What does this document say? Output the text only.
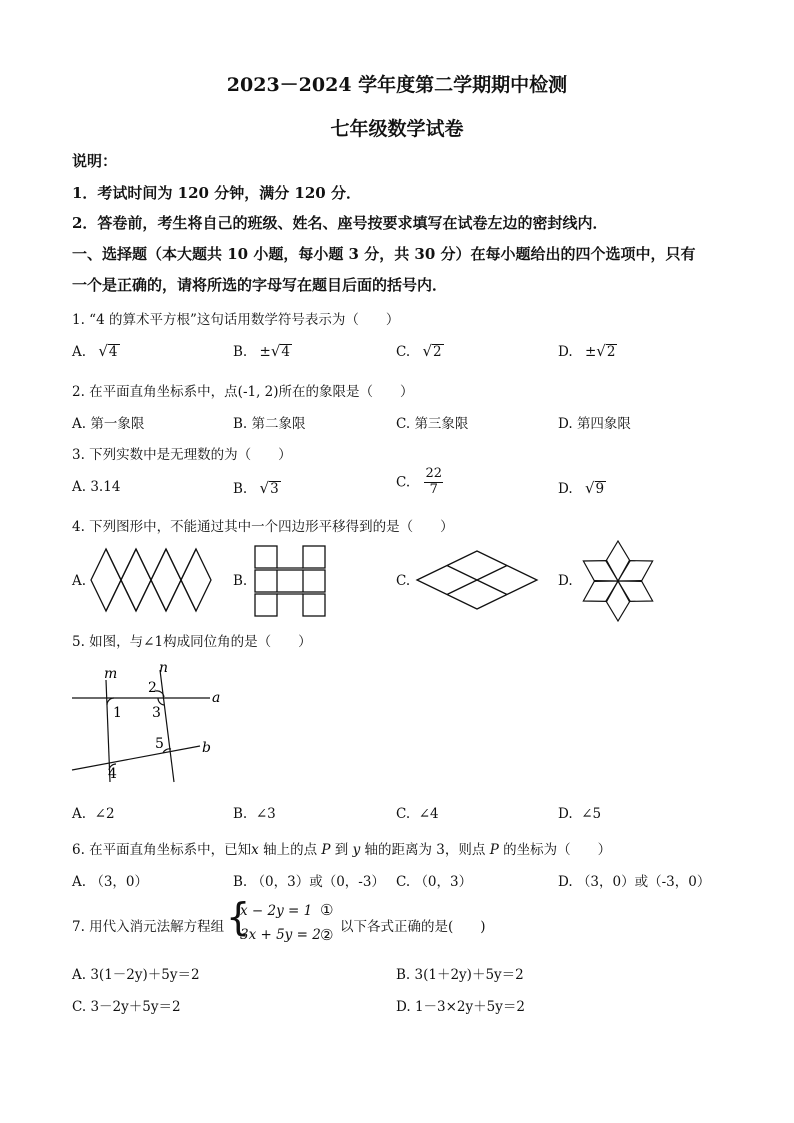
2023－2024 学年度第二学期期中检测
七年级数学试卷
说明：
1．考试时间为 120 分钟，满分 120 分．
2．答卷前，考生将自己的班级、姓名、座号按要求填写在试卷左边的密封线内．
一、选择题（本大题共 10 小题，每小题 3 分，共 30 分）在每小题给出的四个选项中，只有
一个是正确的，请将所选的字母写在题目后面的括号内．
1. “4 的算术平方根”这句话用数学符号表示为（　　）
A. √4	B. ±√4	C. √2	D. ±√2
2. 在平面直角坐标系中，点(-1, 2)所在的象限是（　　）
A. 第一象限	B. 第二象限	C. 第三象限	D. 第四象限
3. 下列实数中是无理数的为（　　）
A. 3.14	B. √3	C. $\frac{22}{7}$	D. √9
4. 下列图形中，不能通过其中一个四边形平移得到的是（　　）
A.	B.	C.	D.
5. 如图，与∠1构成同位角的是（　　）
m	n
a
b
1
2
3
4
5
A. ∠2	B. ∠3	C. ∠4	D. ∠5
6. 在平面直角坐标系中，已知x 轴上的点 P 到 y 轴的距离为 3，则点 P 的坐标为（　　）
A. （3，0）	B. （0，3）或（0，-3） C. （0，3）	D. （3，0）或（-3，0）
7. 用代入消元法解方程组 {
x − 2y = 1
3x + 5y = 2
①
② 以下各式正确的是(　　)
A. 3(1－2y)＋5y＝2	B. 3(1＋2y)＋5y＝2
C. 3－2y＋5y＝2	D. 1－3×2y＋5y＝2
